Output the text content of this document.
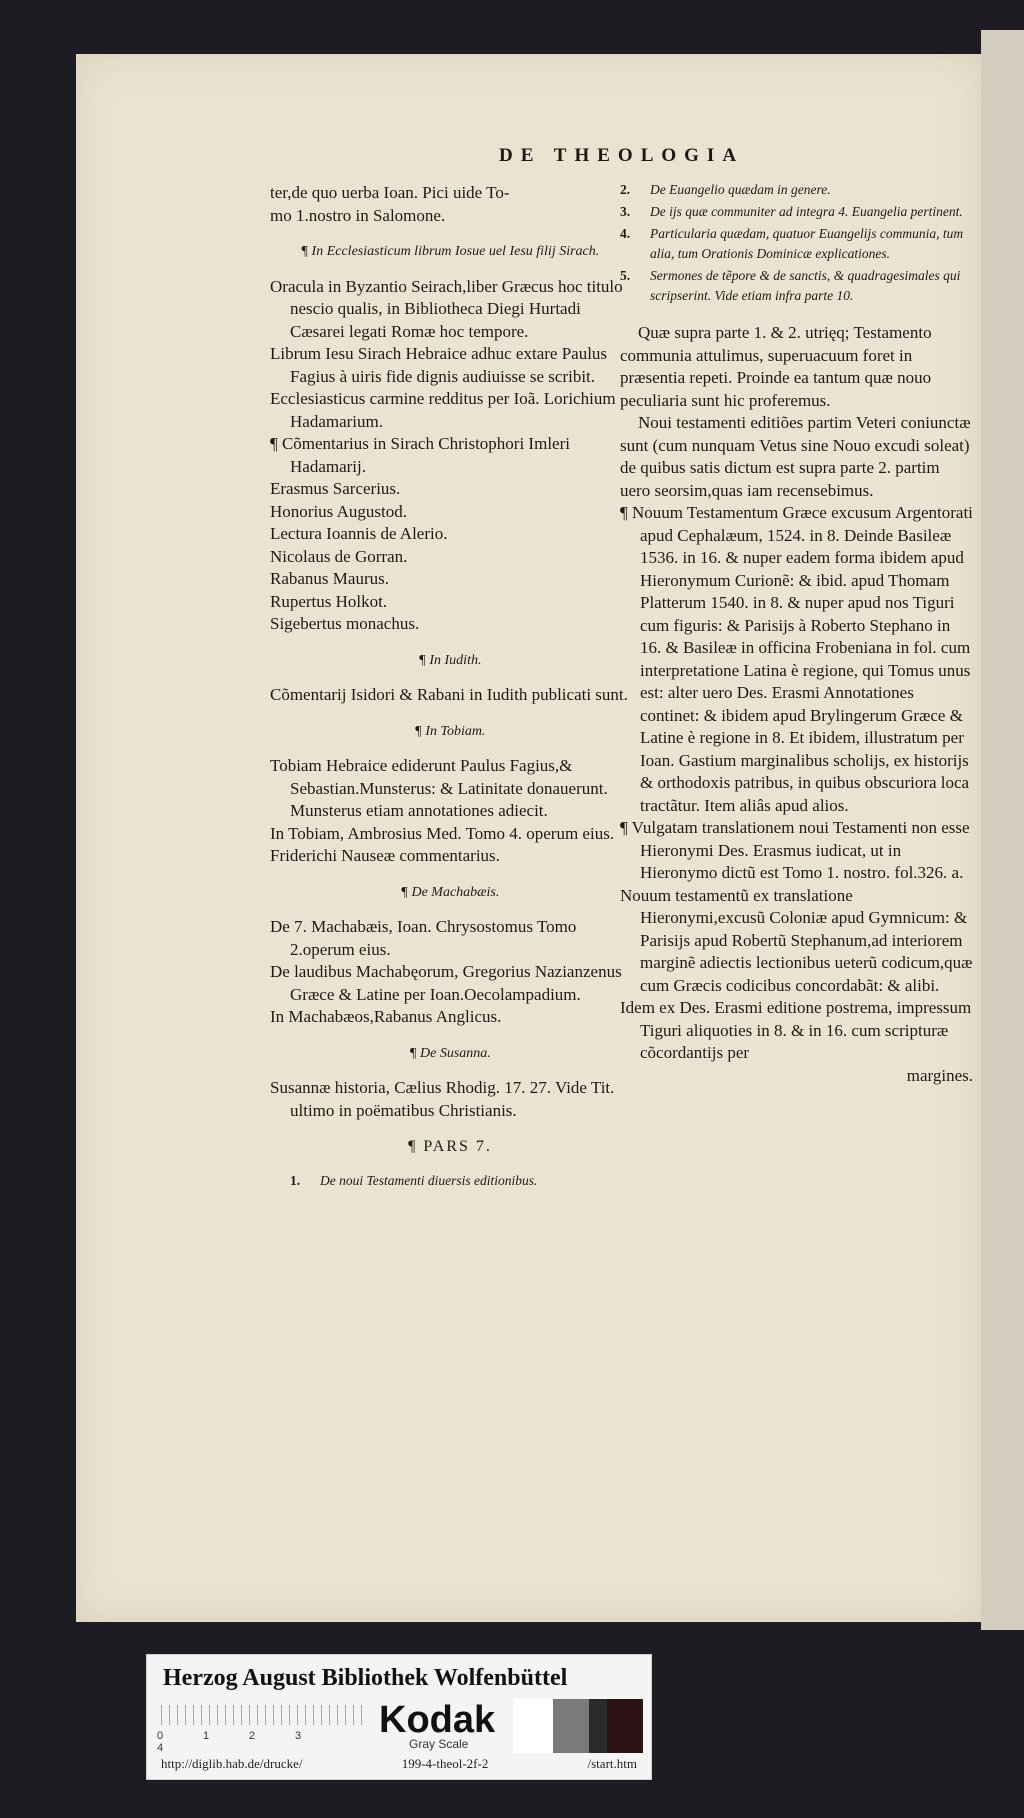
DE THEOLOGIA

ter,de quo uerba Ioan. Pici uide To-

mo 1.nostro in Salomone.

¶ In Ecclesiasticum librum Iosue uel Iesu filij Sirach.

Oracula in Byzantio Seirach,liber Græcus hoc titulo nescio qualis, in Bibliotheca Diegi Hurtadi Cæsarei legati Romæ hoc tempore.

Librum Iesu Sirach Hebraice adhuc extare Paulus Fagius à uiris fide dignis audiuisse se scribit.

Ecclesiasticus carmine redditus per Ioã. Lorichium Hadamarium.

¶ Cõmentarius in Sirach Christophori Imleri Hadamarij.

Erasmus Sarcerius.

Honorius Augustod.

Lectura Ioannis de Alerio.

Nicolaus de Gorran.

Rabanus Maurus.

Rupertus Holkot.

Sigebertus monachus.

¶ In Iudith.

Cõmentarij Isidori & Rabani in Iudith publicati sunt.

¶ In Tobiam.

Tobiam Hebraice ediderunt Paulus Fagius,& Sebastian.Munsterus: & Latinitate donauerunt. Munsterus etiam annotationes adiecit.

In Tobiam, Ambrosius Med. Tomo 4. operum eius.

Friderichi Nauseæ commentarius.

¶ De Machabæis.

De 7. Machabæis, Ioan. Chrysostomus Tomo 2.operum eius.

De laudibus Machabęorum, Gregorius Nazianzenus Græce & Latine per Ioan.Oecolampadium.

In Machabæos,Rabanus Anglicus.

¶ De Susanna.

Susannæ historia, Cælius Rhodig. 17. 27. Vide Tit. ultimo in poëmatibus Christianis.

¶ PARS 7.
1.	De noui Testamenti diuersis editionibus.
2.	De Euangelio quædam in genere.
3.	De ijs quæ communiter ad integra 4. Euangelia pertinent.
4.	Particularia quædam, quatuor Euangelijs communia, tum alia, tum Orationis Dominicæ explicationes.
5.	Sermones de tẽpore & de sanctis, & quadragesimales qui scripserint. Vide etiam infra parte 10.

Quæ supra parte 1. & 2. utrięq; Testamento communia attulimus, superuacuum foret in præsentia repeti. Proinde ea tantum quæ nouo peculiaria sunt hic proferemus.

Noui testamenti editiões partim Veteri coniunctæ sunt (cum nunquam Vetus sine Nouo excudi soleat) de quibus satis dictum est supra parte 2. partim uero seorsim,quas iam recensebimus.

¶ Nouum Testamentum Græce excusum Argentorati apud Cephalæum, 1524. in 8. Deinde Basileæ 1536. in 16. & nuper eadem forma ibidem apud Hieronymum Curionẽ: & ibid. apud Thomam Platterum 1540. in 8. & nuper apud nos Tiguri cum figuris: & Parisijs à Roberto Stephano in 16. & Basileæ in officina Frobeniana in fol. cum interpretatione Latina è regione, qui Tomus unus est: alter uero Des. Erasmi Annotationes continet: & ibidem apud Brylingerum Græce & Latine è regione in 8. Et ibidem, illustratum per Ioan. Gastium marginalibus scholijs, ex historijs & orthodoxis patribus, in quibus obscuriora loca tractãtur. Item aliâs apud alios.

¶ Vulgatam translationem noui Testamenti non esse Hieronymi Des. Erasmus iudicat, ut in Hieronymo dictũ est Tomo 1. nostro. fol.326. a.

Nouum testamentũ ex translatione Hieronymi,excusũ Coloniæ apud Gymnicum: & Parisijs apud Robertũ Stephanum,ad interiorem marginẽ adiectis lectionibus ueterũ codicum,quæ cum Græcis codicibus concordabãt: & alibi.

Idem ex Des. Erasmi editione postrema, impressum Tiguri aliquoties in 8. & in 16. cum scripturæ cõcordantijs per

margines.

Herzog August Bibliothek Wolfenbüttel
0	1	2	34
Kodak
Gray Scale
http://diglib.hab.de/drucke/	199-4-theol-2f-2	/start.htm
